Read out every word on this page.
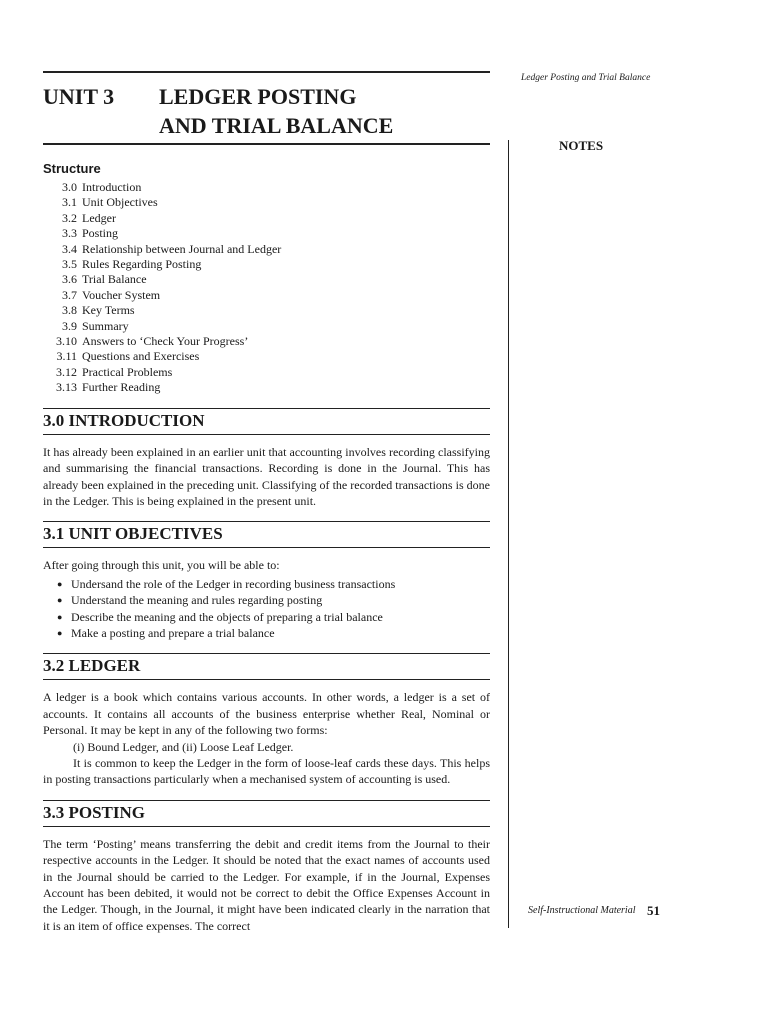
Ledger Posting and Trial Balance
NOTES
UNIT 3	LEDGER POSTING
AND TRIAL BALANCE
Structure
3.0 Introduction
3.1 Unit Objectives
3.2 Ledger
3.3 Posting
3.4 Relationship between Journal and Ledger
3.5 Rules Regarding Posting
3.6 Trial Balance
3.7 Voucher System
3.8 Key Terms
3.9 Summary
3.10 Answers to ‘Check Your Progress’
3.11 Questions and Exercises
3.12 Practical Problems
3.13 Further Reading
3.0 INTRODUCTION

It has already been explained in an earlier unit that accounting involves recording classifying and summarising the financial transactions. Recording is done in the Journal. This has already been explained in the preceding unit. Classifying of the recorded transactions is done in the Ledger. This is being explained in the present unit.

3.1 UNIT OBJECTIVES

After going through this unit, you will be able to:

● Undersand the role of the Ledger in recording business transactions
● Understand the meaning and rules regarding posting
● Describe the meaning and the objects of preparing a trial balance
● Make a posting and prepare a trial balance
3.2 LEDGER

A ledger is a book which contains various accounts. In other words, a ledger is a set of accounts. It contains all accounts of the business enterprise whether Real, Nominal or Personal. It may be kept in any of the following two forms:

(i) Bound Ledger, and (ii) Loose Leaf Ledger.
It is common to keep the Ledger in the form of loose-leaf cards these days. This helps in posting transactions particularly when a mechanised system of accounting is used.
3.3 POSTING

The term ‘Posting’ means transferring the debit and credit items from the Journal to their respective accounts in the Ledger. It should be noted that the exact names of accounts used in the Journal should be carried to the Ledger. For example, if in the Journal, Expenses Account has been debited, it would not be correct to debit the Office Expenses Account in the Ledger. Though, in the Journal, it might have been indicated clearly in the narration that it is an item of office expenses. The correct

Self-Instructional Material 51
